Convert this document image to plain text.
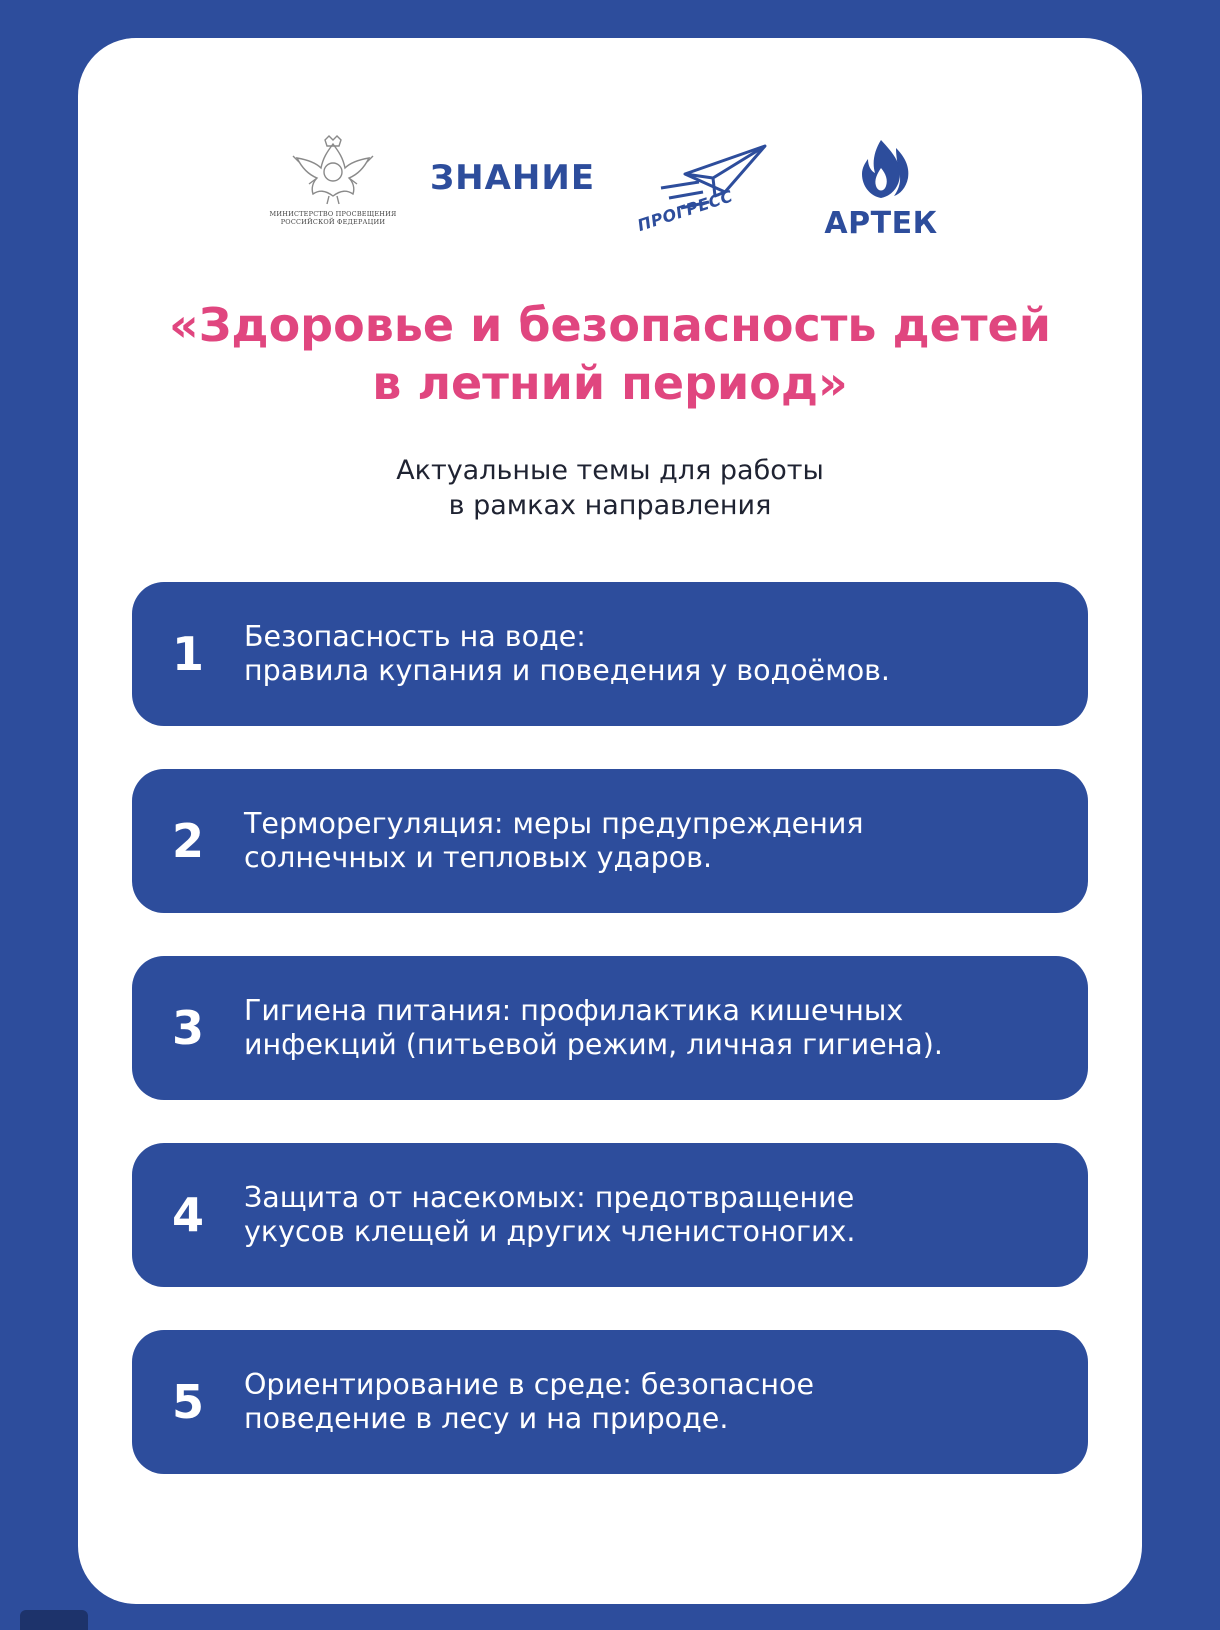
МИНИСТЕРСТВО ПРОСВЕЩЕНИЯ
РОССИЙСКОЙ ФЕДЕРАЦИИ
ЗНАНИЕ
ПРОГРЕСС	АРТЕК
«Здоровье и безопасность детей
в летний период»
Актуальные темы для работы
в рамках направления
1	Безопасность на воде:
правила купания и поведения у водоёмов.
2	Терморегуляция: меры предупреждения
солнечных и тепловых ударов.
3	Гигиена питания: профилактика кишечных
инфекций (питьевой режим, личная гигиена).
4	Защита от насекомых: предотвращение
укусов клещей и других членистоногих.
5	Ориентирование в среде: безопасное
поведение в лесу и на природе.
